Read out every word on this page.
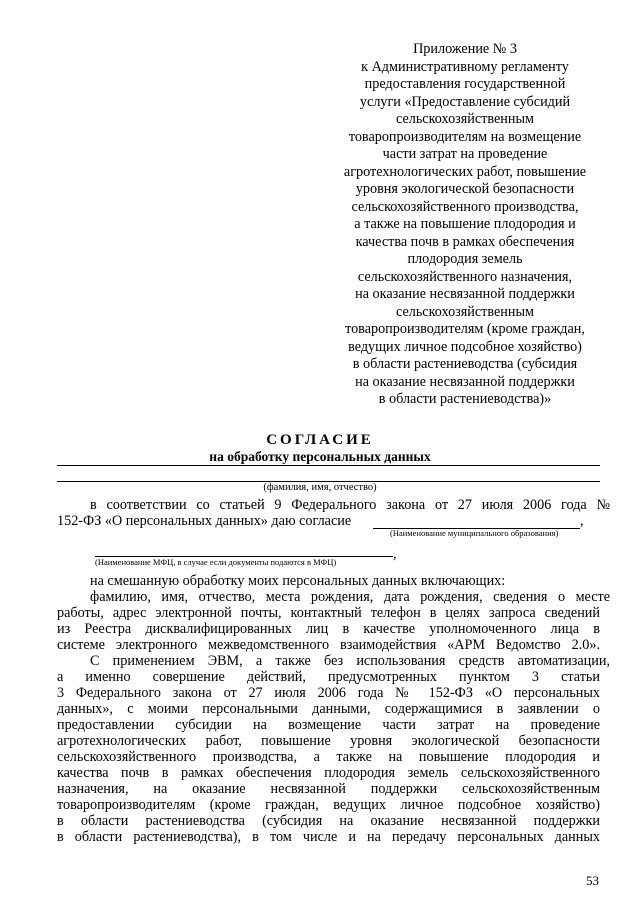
Приложение № 3
к Административному регламенту
предоставления государственной
услуги «Предоставление субсидий
сельскохозяйственным
товаропроизводителям на возмещение
части затрат на проведение
агротехнологических работ, повышение
уровня экологической безопасности
сельскохозяйственного производства,
а также на повышение плодородия и
качества почв в рамках обеспечения
плодородия земель
сельскохозяйственного назначения,
на оказание несвязанной поддержки
сельскохозяйственным
товаропроизводителям (кроме граждан,
ведущих личное подсобное хозяйство)
в области растениеводства (субсидия
на оказание несвязанной поддержки
в области растениеводства)»
СОГЛАСИЕ
на обработку персональных данных
(фамилия, имя, отчество)
в соответствии со статьей 9 Федерального закона от 27 июля 2006 года №
152-ФЗ «О персональных данных» даю согласие
(Наименование муниципального образования)
,
(Наименование МФЦ, в случае если документы подаются в МФЦ)	,
на смешанную обработку моих персональных данных включающих:
фамилию, имя, отчество, места рождения, дата рождения, сведения о месте
работы, адрес электронной почты, контактный телефон в целях запроса сведений
из Реестра дисквалифицированных лиц в качестве уполномоченного лица в
системе электронного межведомственного взаимодействия «АРМ Ведомство 2.0».
С применением ЭВМ, а также без использования средств автоматизации,
а именно совершение действий, предусмотренных пунктом 3 статьи
3 Федерального закона от 27 июля 2006 года № 152-ФЗ «О персональных
данных», с моими персональными данными, содержащимися в заявлении о
предоставлении субсидии на возмещение части затрат на проведение
агротехнологических работ, повышение уровня экологической безопасности
сельскохозяйственного производства, а также на повышение плодородия и
качества почв в рамках обеспечения плодородия земель сельскохозяйственного
назначения, на оказание несвязанной поддержки сельскохозяйственным
товаропроизводителям (кроме граждан, ведущих личное подсобное хозяйство)
в области растениеводства (субсидия на оказание несвязанной поддержки
в области растениеводства), в том числе и на передачу персональных данных
53
